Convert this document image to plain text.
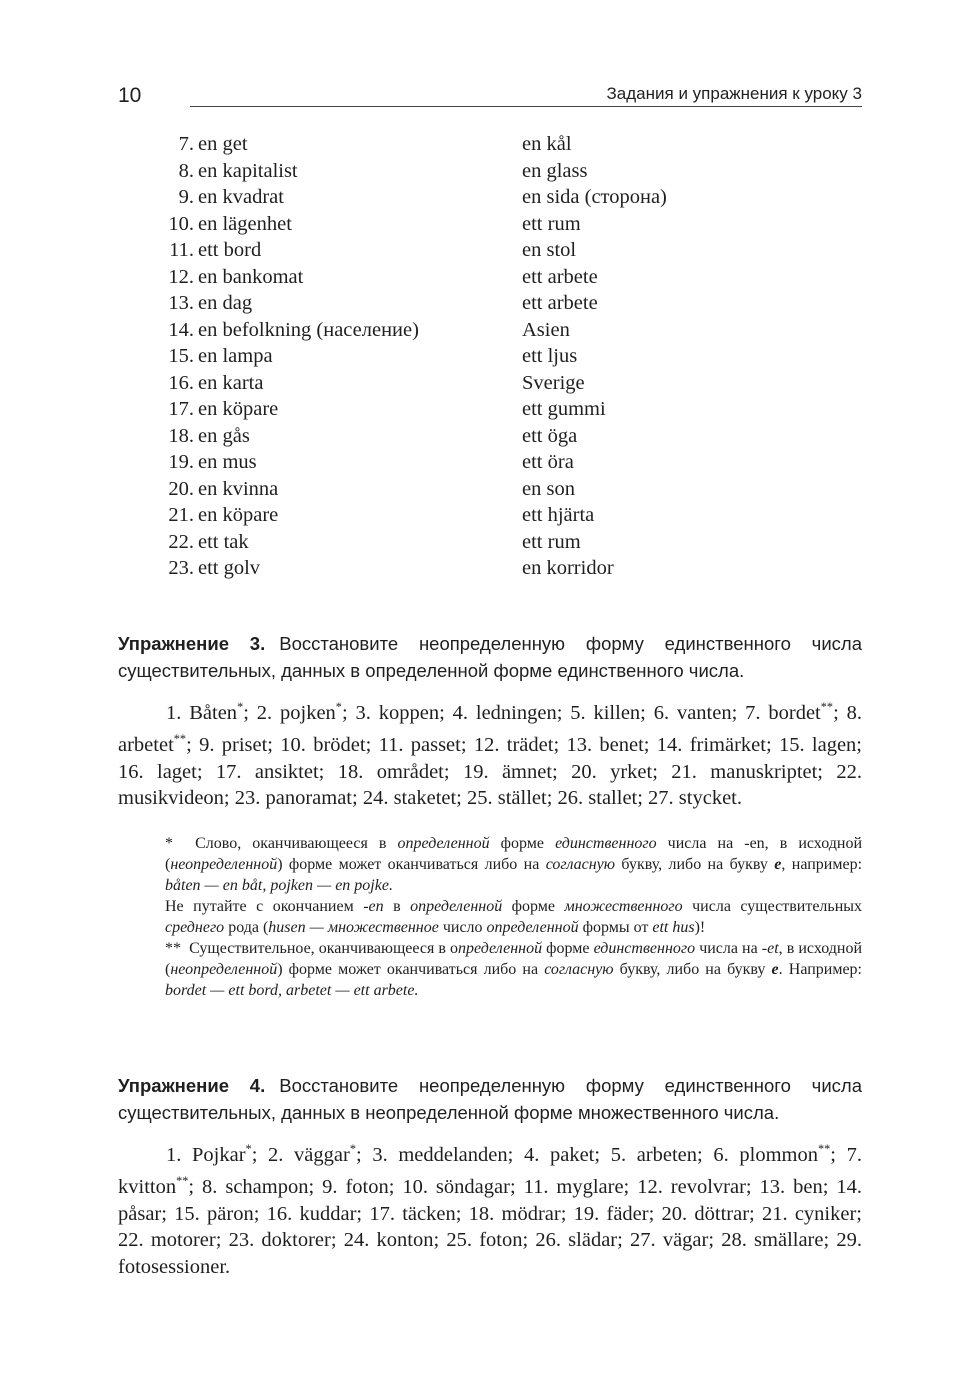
10	Задания и упражнения к уроку 3
7. en get	en kål
8. en kapitalist	en glass
9. en kvadrat	en sida (сторона)
10. en lägenhet	ett rum
11. ett bord	en stol
12. en bankomat	ett arbete
13. en dag	ett arbete
14. en befolkning (население)	Asien
15. en lampa	ett ljus
16. en karta	Sverige
17. en köpare	ett gummi
18. en gås	ett öga
19. en mus	ett öra
20. en kvinna	en son
21. en köpare	ett hjärta
22. ett tak	ett rum
23. ett golv	en korridor
Упражнение 3. Восстановите неопределенную форму единственного числа существительных, данных в определенной форме единственного числа.
1. Båten*; 2. pojken*; 3. koppen; 4. ledningen; 5. killen; 6. vanten; 7. bordet**; 8. arbetet**; 9. priset; 10. brödet; 11. passet; 12. trädet; 13. benet; 14. frimärket; 15. lagen; 16. laget; 17. ansiktet; 18. området; 19. ämnet; 20. yrket; 21. manuskriptet; 22. musikvideon; 23. panoramat; 24. staketet; 25. stället; 26. stallet; 27. stycket.

* Слово, оканчивающееся в определенной форме единственного числа на -en, в исходной (неопределенной) форме может оканчиваться либо на согласную букву, либо на букву e, например: båten — en båt, pojken — en pojke.

Не путайте с окончанием -en в определенной форме множественного числа существительных среднего рода (husen — множественное число определенной формы от ett hus)!

** Существительное, оканчивающееся в определенной форме единственного числа на -et, в исходной (неопределенной) форме может оканчиваться либо на согласную букву, либо на букву e. Например: bordet — ett bord, arbetet — ett arbete.

Упражнение 4. Восстановите неопределенную форму единственного числа существительных, данных в неопределенной форме множественного числа.
1. Pojkar*; 2. väggar*; 3. meddelanden; 4. paket; 5. arbeten; 6. plommon**; 7. kvitton**; 8. schampon; 9. foton; 10. söndagar; 11. myglare; 12. revolvrar; 13. ben; 14. påsar; 15. päron; 16. kuddar; 17. täcken; 18. mödrar; 19. fäder; 20. döttrar; 21. cyniker; 22. motorer; 23. doktorer; 24. konton; 25. foton; 26. slädar; 27. vägar; 28. smällare; 29. fotosessioner.
